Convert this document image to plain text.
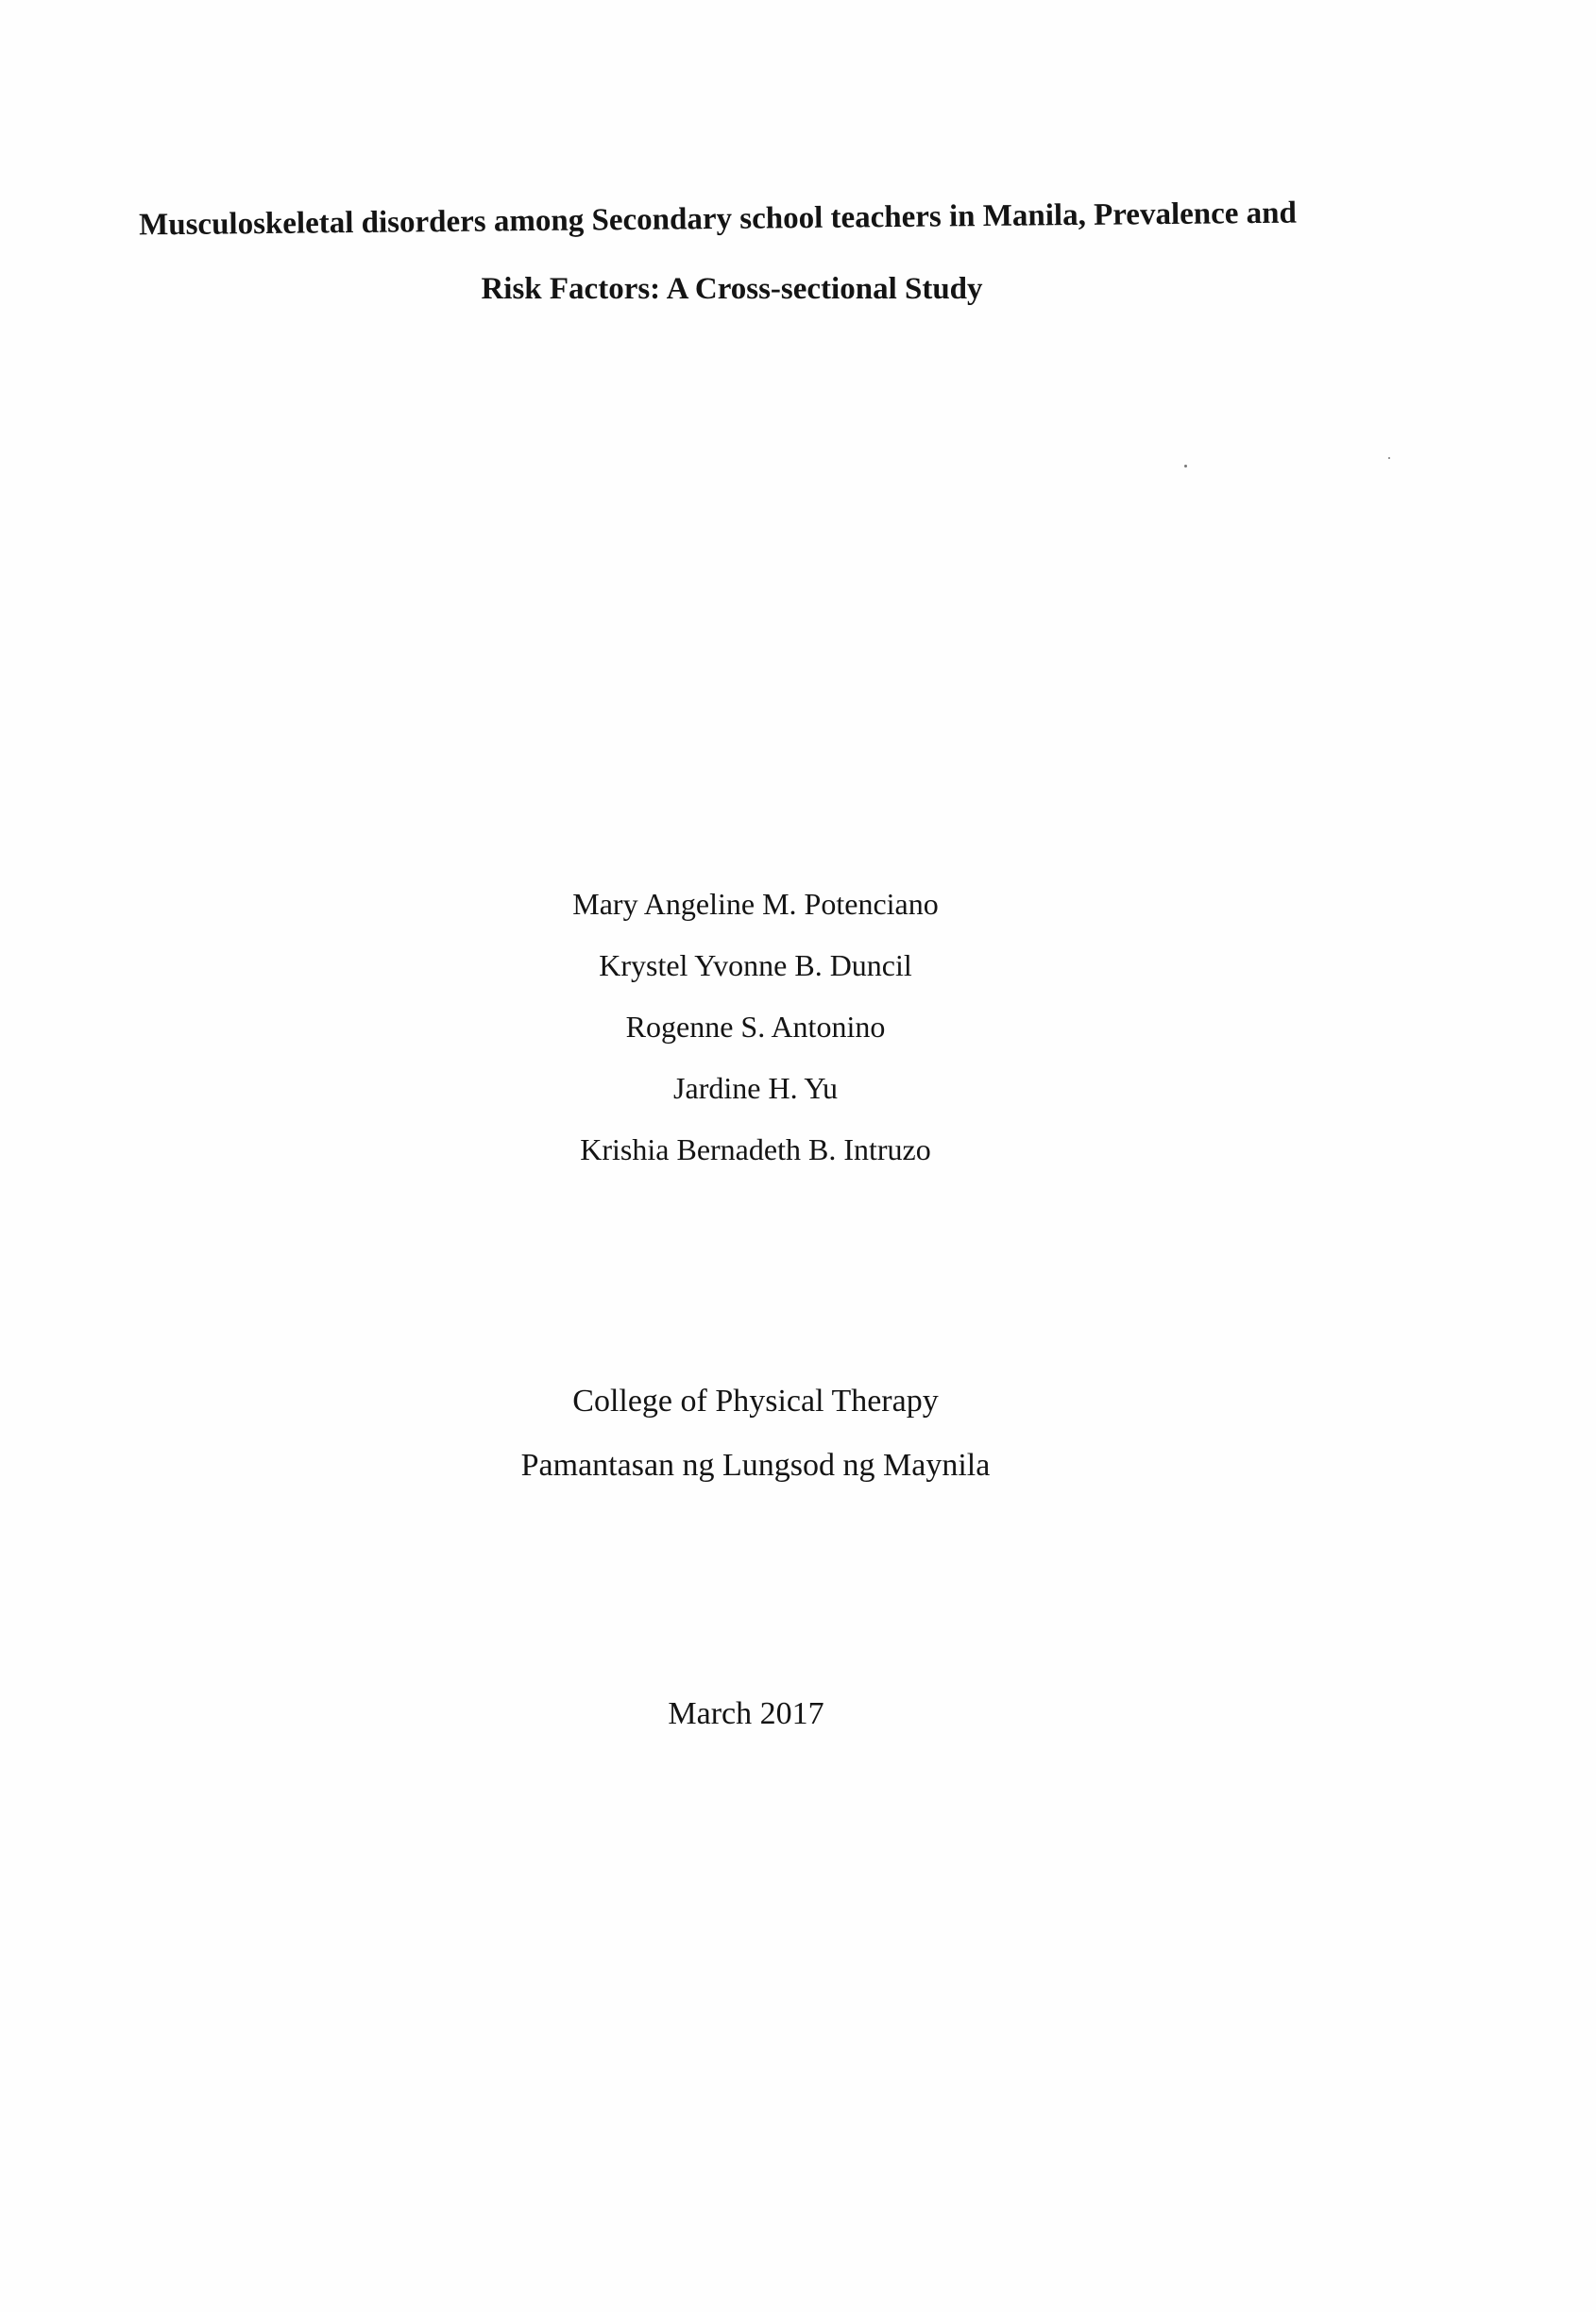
Musculoskeletal disorders among Secondary school teachers in Manila, Prevalence and
Risk Factors: A Cross-sectional Study
Mary Angeline M. Potenciano
Krystel Yvonne B. Duncil
Rogenne S. Antonino
Jardine H. Yu
Krishia Bernadeth B. Intruzo
College of Physical Therapy
Pamantasan ng Lungsod ng Maynila
March 2017
